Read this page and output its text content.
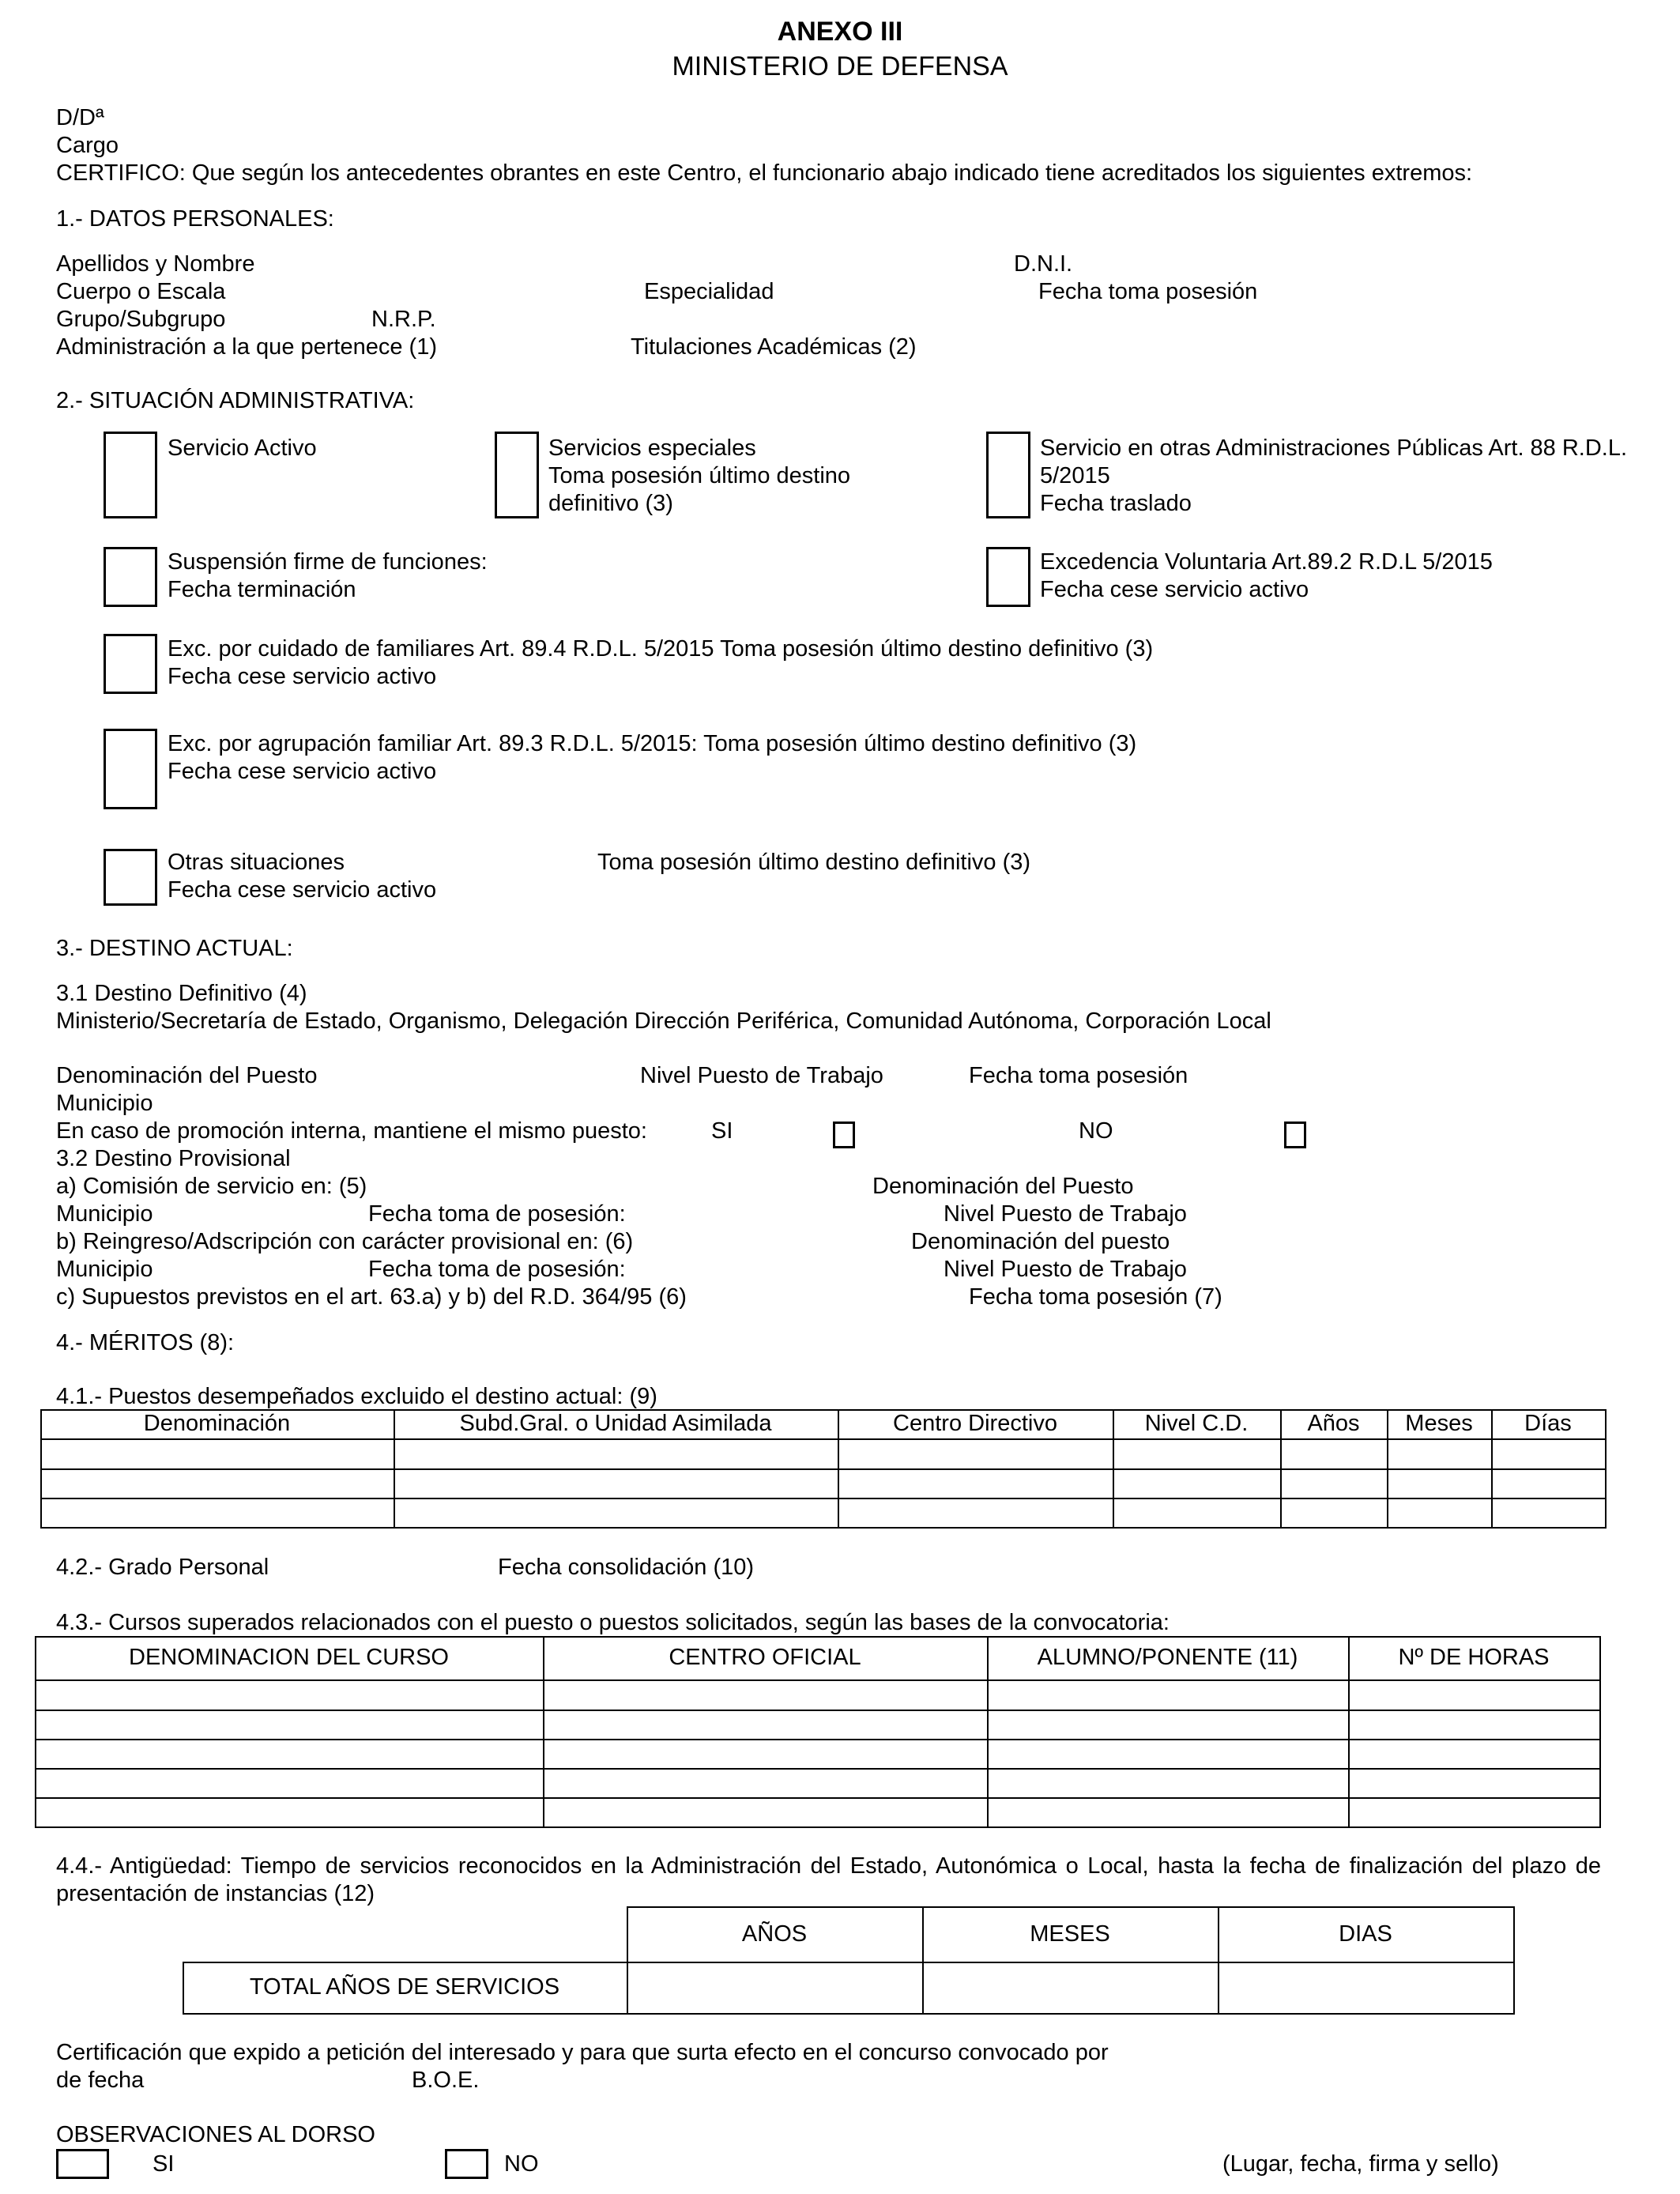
ANEXO III
MINISTERIO DE DEFENSA
D/Dª
Cargo
CERTIFICO: Que según los antecedentes obrantes en este Centro, el funcionario abajo indicado tiene acreditados los siguientes extremos:
1.- DATOS PERSONALES:
Apellidos y Nombre	D.N.I.
Cuerpo o Escala	Especialidad	Fecha toma posesión
Grupo/Subgrupo	N.R.P.
Administración a la que pertenece (1)	Titulaciones Académicas (2)
2.- SITUACIÓN ADMINISTRATIVA:
Servicio Activo	Servicios especiales
Toma posesión último destino
definitivo (3)
Servicio en otras Administraciones Públicas Art. 88 R.D.L.
5/2015
Fecha traslado
Suspensión firme de funciones:
Fecha terminación
Excedencia Voluntaria Art.89.2 R.D.L 5/2015
Fecha cese servicio activo
Exc. por cuidado de familiares Art. 89.4 R.D.L. 5/2015 Toma posesión último destino definitivo (3)
Fecha cese servicio activo
Exc. por agrupación familiar Art. 89.3 R.D.L. 5/2015: Toma posesión último destino definitivo (3)
Fecha cese servicio activo
Otras situaciones	Toma posesión último destino definitivo (3)
Fecha cese servicio activo
3.- DESTINO ACTUAL:
3.1 Destino Definitivo (4)
Ministerio/Secretaría de Estado, Organismo, Delegación Dirección Periférica, Comunidad Autónoma, Corporación Local
Denominación del Puesto	Nivel Puesto de Trabajo	Fecha toma posesión
Municipio
En caso de promoción interna, mantiene el mismo puesto:	SI	NO
3.2 Destino Provisional
a) Comisión de servicio en: (5)	Denominación del Puesto
Municipio	Fecha toma de posesión:	Nivel Puesto de Trabajo
b) Reingreso/Adscripción con carácter provisional en: (6)	Denominación del puesto
Municipio	Fecha toma de posesión:	Nivel Puesto de Trabajo
c) Supuestos previstos en el art. 63.a) y b) del R.D. 364/95 (6)	Fecha toma posesión (7)
4.- MÉRITOS (8):
4.1.- Puestos desempeñados excluido el destino actual: (9)
Denominación	Subd.Gral. o Unidad Asimilada	Centro Directivo	Nivel C.D.	Años	Meses	Días
4.2.- Grado Personal	Fecha consolidación (10)
4.3.- Cursos superados relacionados con el puesto o puestos solicitados, según las bases de la convocatoria:
DENOMINACION DEL CURSO	CENTRO OFICIAL	ALUMNO/PONENTE (11)	Nº DE HORAS
4.4.- Antigüedad: Tiempo de servicios reconocidos en la Administración del Estado, Autonómica o Local, hasta la fecha de finalización del plazo de presentación de instancias (12)
AÑOS	MESES	DIAS
TOTAL AÑOS DE SERVICIOS
Certificación que expido a petición del interesado y para que surta efecto en el concurso convocado por
de fecha	B.O.E.
OBSERVACIONES AL DORSO
SI	NO	(Lugar, fecha, firma y sello)
